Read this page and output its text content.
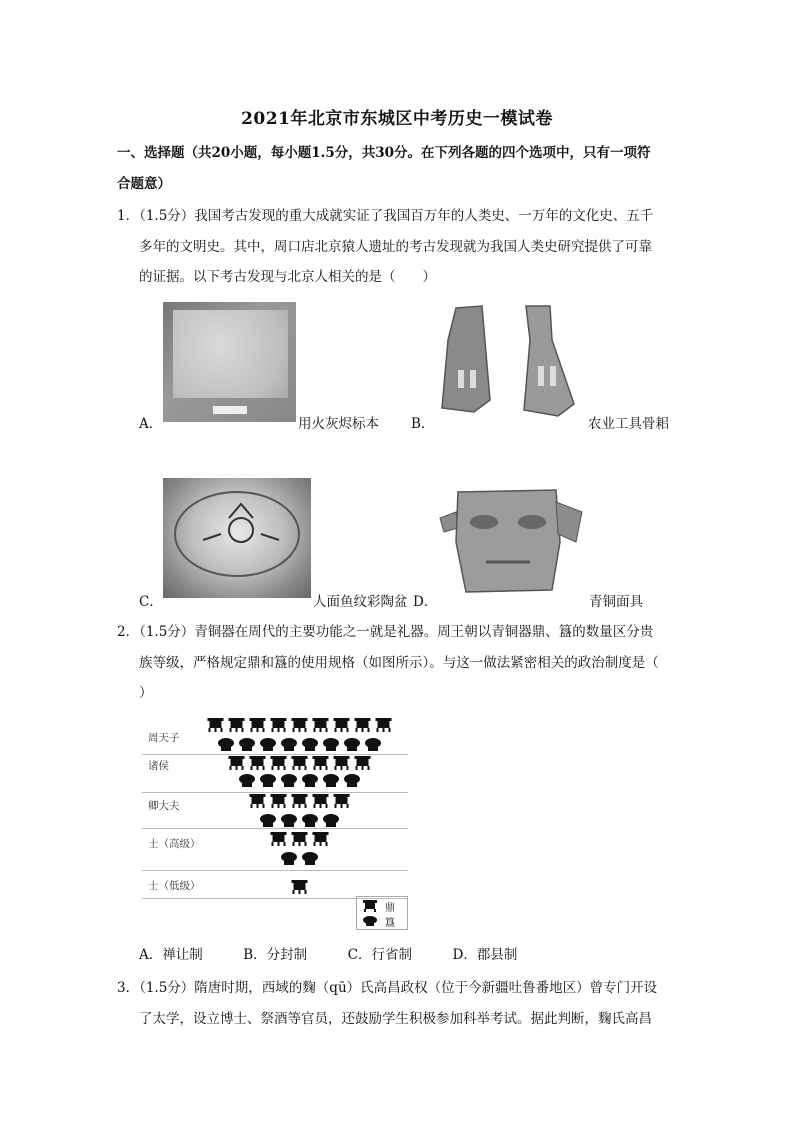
2021年北京市东城区中考历史一模试卷
一、选择题（共20小题，每小题1.5分，共30分。在下列各题的四个选项中，只有一项符
合题意）
1．（1.5分）我国考古发现的重大成就实证了我国百万年的人类史、一万年的文化史、五千
多年的文明史。其中，周口店北京猿人遗址的考古发现就为我国人类史研究提供了可靠
的证据。以下考古发现与北京人相关的是（　　）
A．	用火灰烬标本 B．	农业工具骨耜
C．	人面鱼纹彩陶盆 D．	青铜面具
2．（1.5分）青铜器在周代的主要功能之一就是礼器。周王朝以青铜器鼎、簋的数量区分贵
族等级，严格规定鼎和簋的使用规格（如图所示）。与这一做法紧密相关的政治制度是（
）
周天子
诸侯
卿大夫
士（高级）
士（低级）
鼎
簋
A．禅让制　　　B．分封制　　　C．行省制　　　D．郡县制
3．（1.5分）隋唐时期，西域的麴（qū）氏高昌政权（位于今新疆吐鲁番地区）曾专门开设
了太学，设立博士、祭酒等官员，还鼓励学生积极参加科举考试。据此判断，麴氏高昌
